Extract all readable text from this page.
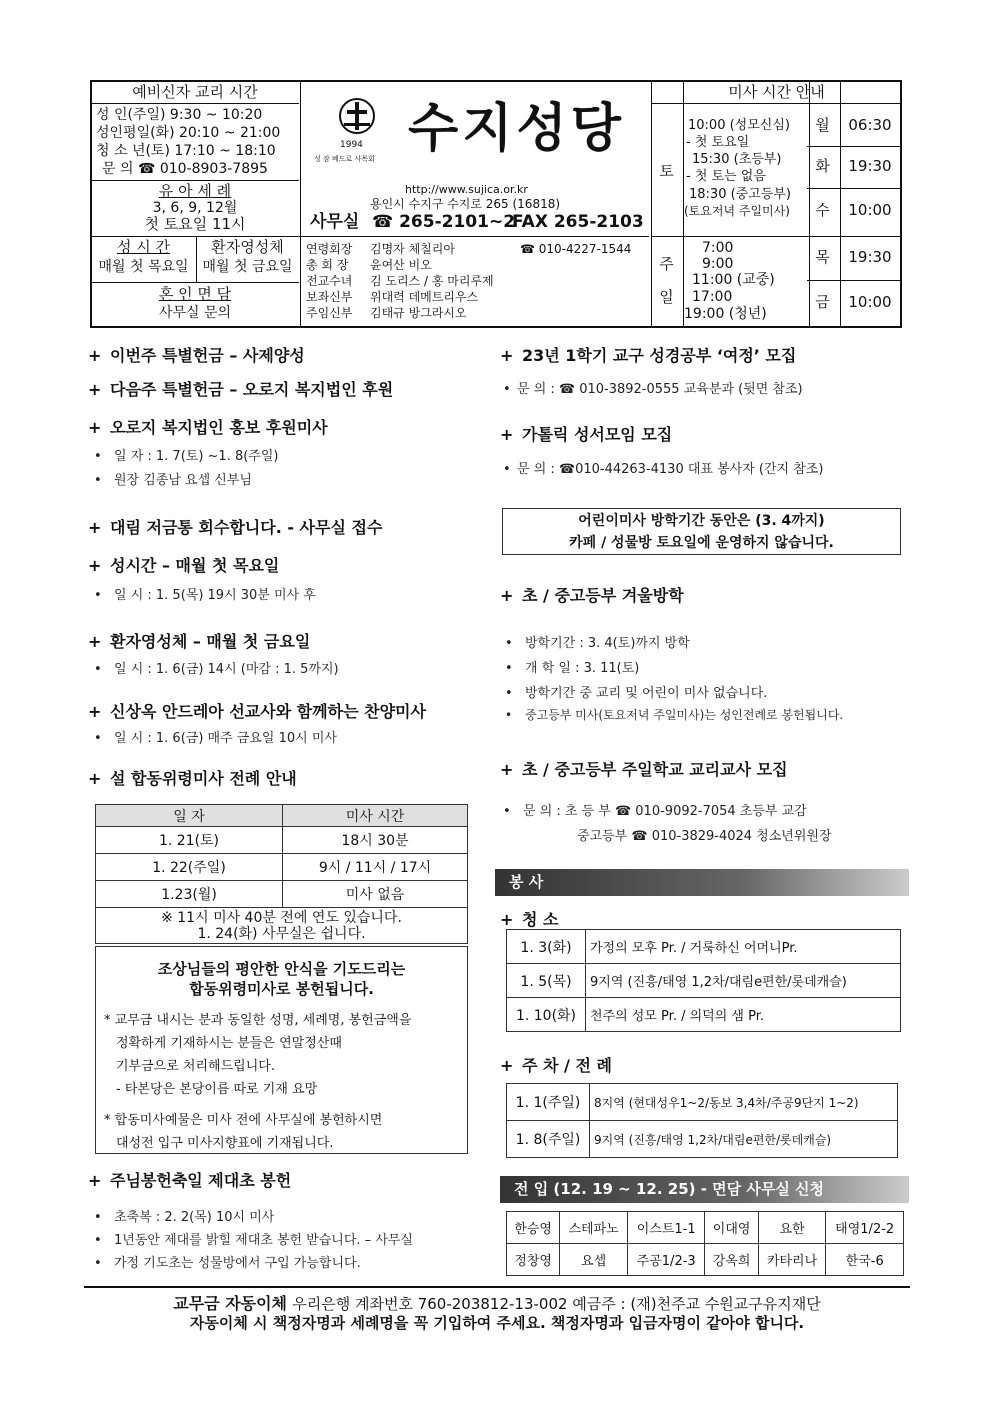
예비신자 교리 시간
성 인(주일) 9:30 ~ 10:20
성인평일(화) 20:10 ~ 21:00
청 소 년(토) 17:10 ~ 18:10
문 의 ☎ 010-8903-7895
유 아 세 례
3, 6, 9, 12월
첫 토요일 11시
성 시 간
매월 첫 목요일
환자영성체
매월 첫 금요일
혼 인 면 담
사무실 문의
1994
성 잠 베드로 사목회 수지성당
http://www.sujica.or.kr
용인시 수지구 수지로 265 (16818)
사무실 ☎ 265-2101~2
FAX 265-2103
연령회장 김명자 체칠리아	☎ 010-4227-1544
총 회 장 윤여산 비오
전교수녀 김 도리스 / 홍 마리루제
보좌신부 위대력 데메트리우스
주임신부 김태규 방그라시오
미사 시간 안내
토
10:00 (성모신심)
- 첫 토요일
15:30 (초등부)
- 첫 토는 없음
18:30 (중고등부)
(토요저녁 주일미사)
주
일
7:00
9:00
11:00 (교중)
17:00
19:00 (청년)
월	06:30
화	19:30
수	10:00
목	19:30
금	10:00
+ 이번주 특별헌금 – 사제양성
+ 다음주 특별헌금 – 오로지 복지법인 후원
+ 오로지 복지법인 홍보 후원미사
• 일 자 : 1. 7(토) ~1. 8(주일)
• 원장 김종남 요셉 신부님
+ 대림 저금통 회수합니다. - 사무실 접수
+ 성시간 – 매월 첫 목요일
• 일 시 : 1. 5(목) 19시 30분 미사 후
+ 환자영성체 – 매월 첫 금요일
• 일 시 : 1. 6(금) 14시 (마감 : 1. 5까지)
+ 신상옥 안드레아 선교사와 함께하는 찬양미사
• 일 시 : 1. 6(금) 매주 금요일 10시 미사
+ 설 합동위령미사 전례 안내
일 자	미사 시간
1. 21(토)	18시 30분
1. 22(주일)	9시 / 11시 / 17시
1.23(월)	미사 없음

※ 11시 미사 40분 전에 연도 있습니다.
1. 24(화) 사무실은 쉽니다.	
조상님들의 평안한 안식을 기도드리는
합동위령미사로 봉헌됩니다.
* 교무금 내시는 분과 동일한 성명, 세례명, 봉헌금액을
정확하게 기재하시는 분들은 연말정산때
기부금으로 처리해드립니다.
- 타본당은 본당이름 따로 기재 요망
* 합동미사예물은 미사 전에 사무실에 봉헌하시면
대성전 입구 미사지향표에 기재됩니다.
+ 주님봉헌축일 제대초 봉헌
• 초축복 : 2. 2(목) 10시 미사
• 1년동안 제대를 밝힐 제대초 봉헌 받습니다. – 사무실
• 가정 기도초는 성물방에서 구입 가능합니다.
+ 23년 1학기 교구 성경공부 ‘여정’ 모집
• 문 의 : ☎ 010-3892-0555 교육분과 (뒷면 참조)
+ 가톨릭 성서모임 모집
• 문 의 : ☎010-44263-4130 대표 봉사자 (간지 참조)
어린이미사 방학기간 동안은 (3. 4까지)
카페 / 성물방 토요일에 운영하지 않습니다.
+ 초 / 중고등부 겨울방학
• 방학기간 : 3. 4(토)까지 방학
• 개 학 일 : 3. 11(토)
• 방학기간 중 교리 및 어린이 미사 없습니다.
• 중고등부 미사(토요저녁 주일미사)는 성인전례로 봉헌됩니다.
+ 초 / 중고등부 주일학교 교리교사 모집
• 문 의 : 초 등 부 ☎ 010-9092-7054 초등부 교감
중고등부 ☎ 010-3829-4024 청소년위원장
봉 사
+ 청 소
1. 3(화)	가정의 모후 Pr. / 거룩하신 어머니Pr.
1. 5(목)	9지역 (진흥/태영 1,2차/대림e편한/롯데캐슬)
1. 10(화)	천주의 성모 Pr. / 의덕의 샘 Pr.
+ 주 차 / 전 례
1. 1(주일)	8지역 (현대성우1~2/동보 3,4차/주공9단지 1~2)
1. 8(주일)	9지역 (진흥/태영 1,2차/대림e편한/롯데캐슬)
전 입 (12. 19 ~ 12. 25) - 면담 사무실 신청
한승영	스테파노	이스트1-1	이대영	요한	태영1/2-2
정창영	요셉	주공1/2-3	강옥희	카타리나	한국-6
교무금 자동이체 우리은행 계좌번호 760-203812-13-002 예금주 : (재)천주교 수원교구유지재단
자동이체 시 책정자명과 세례명을 꼭 기입하여 주세요. 책정자명과 입금자명이 같아야 합니다.
